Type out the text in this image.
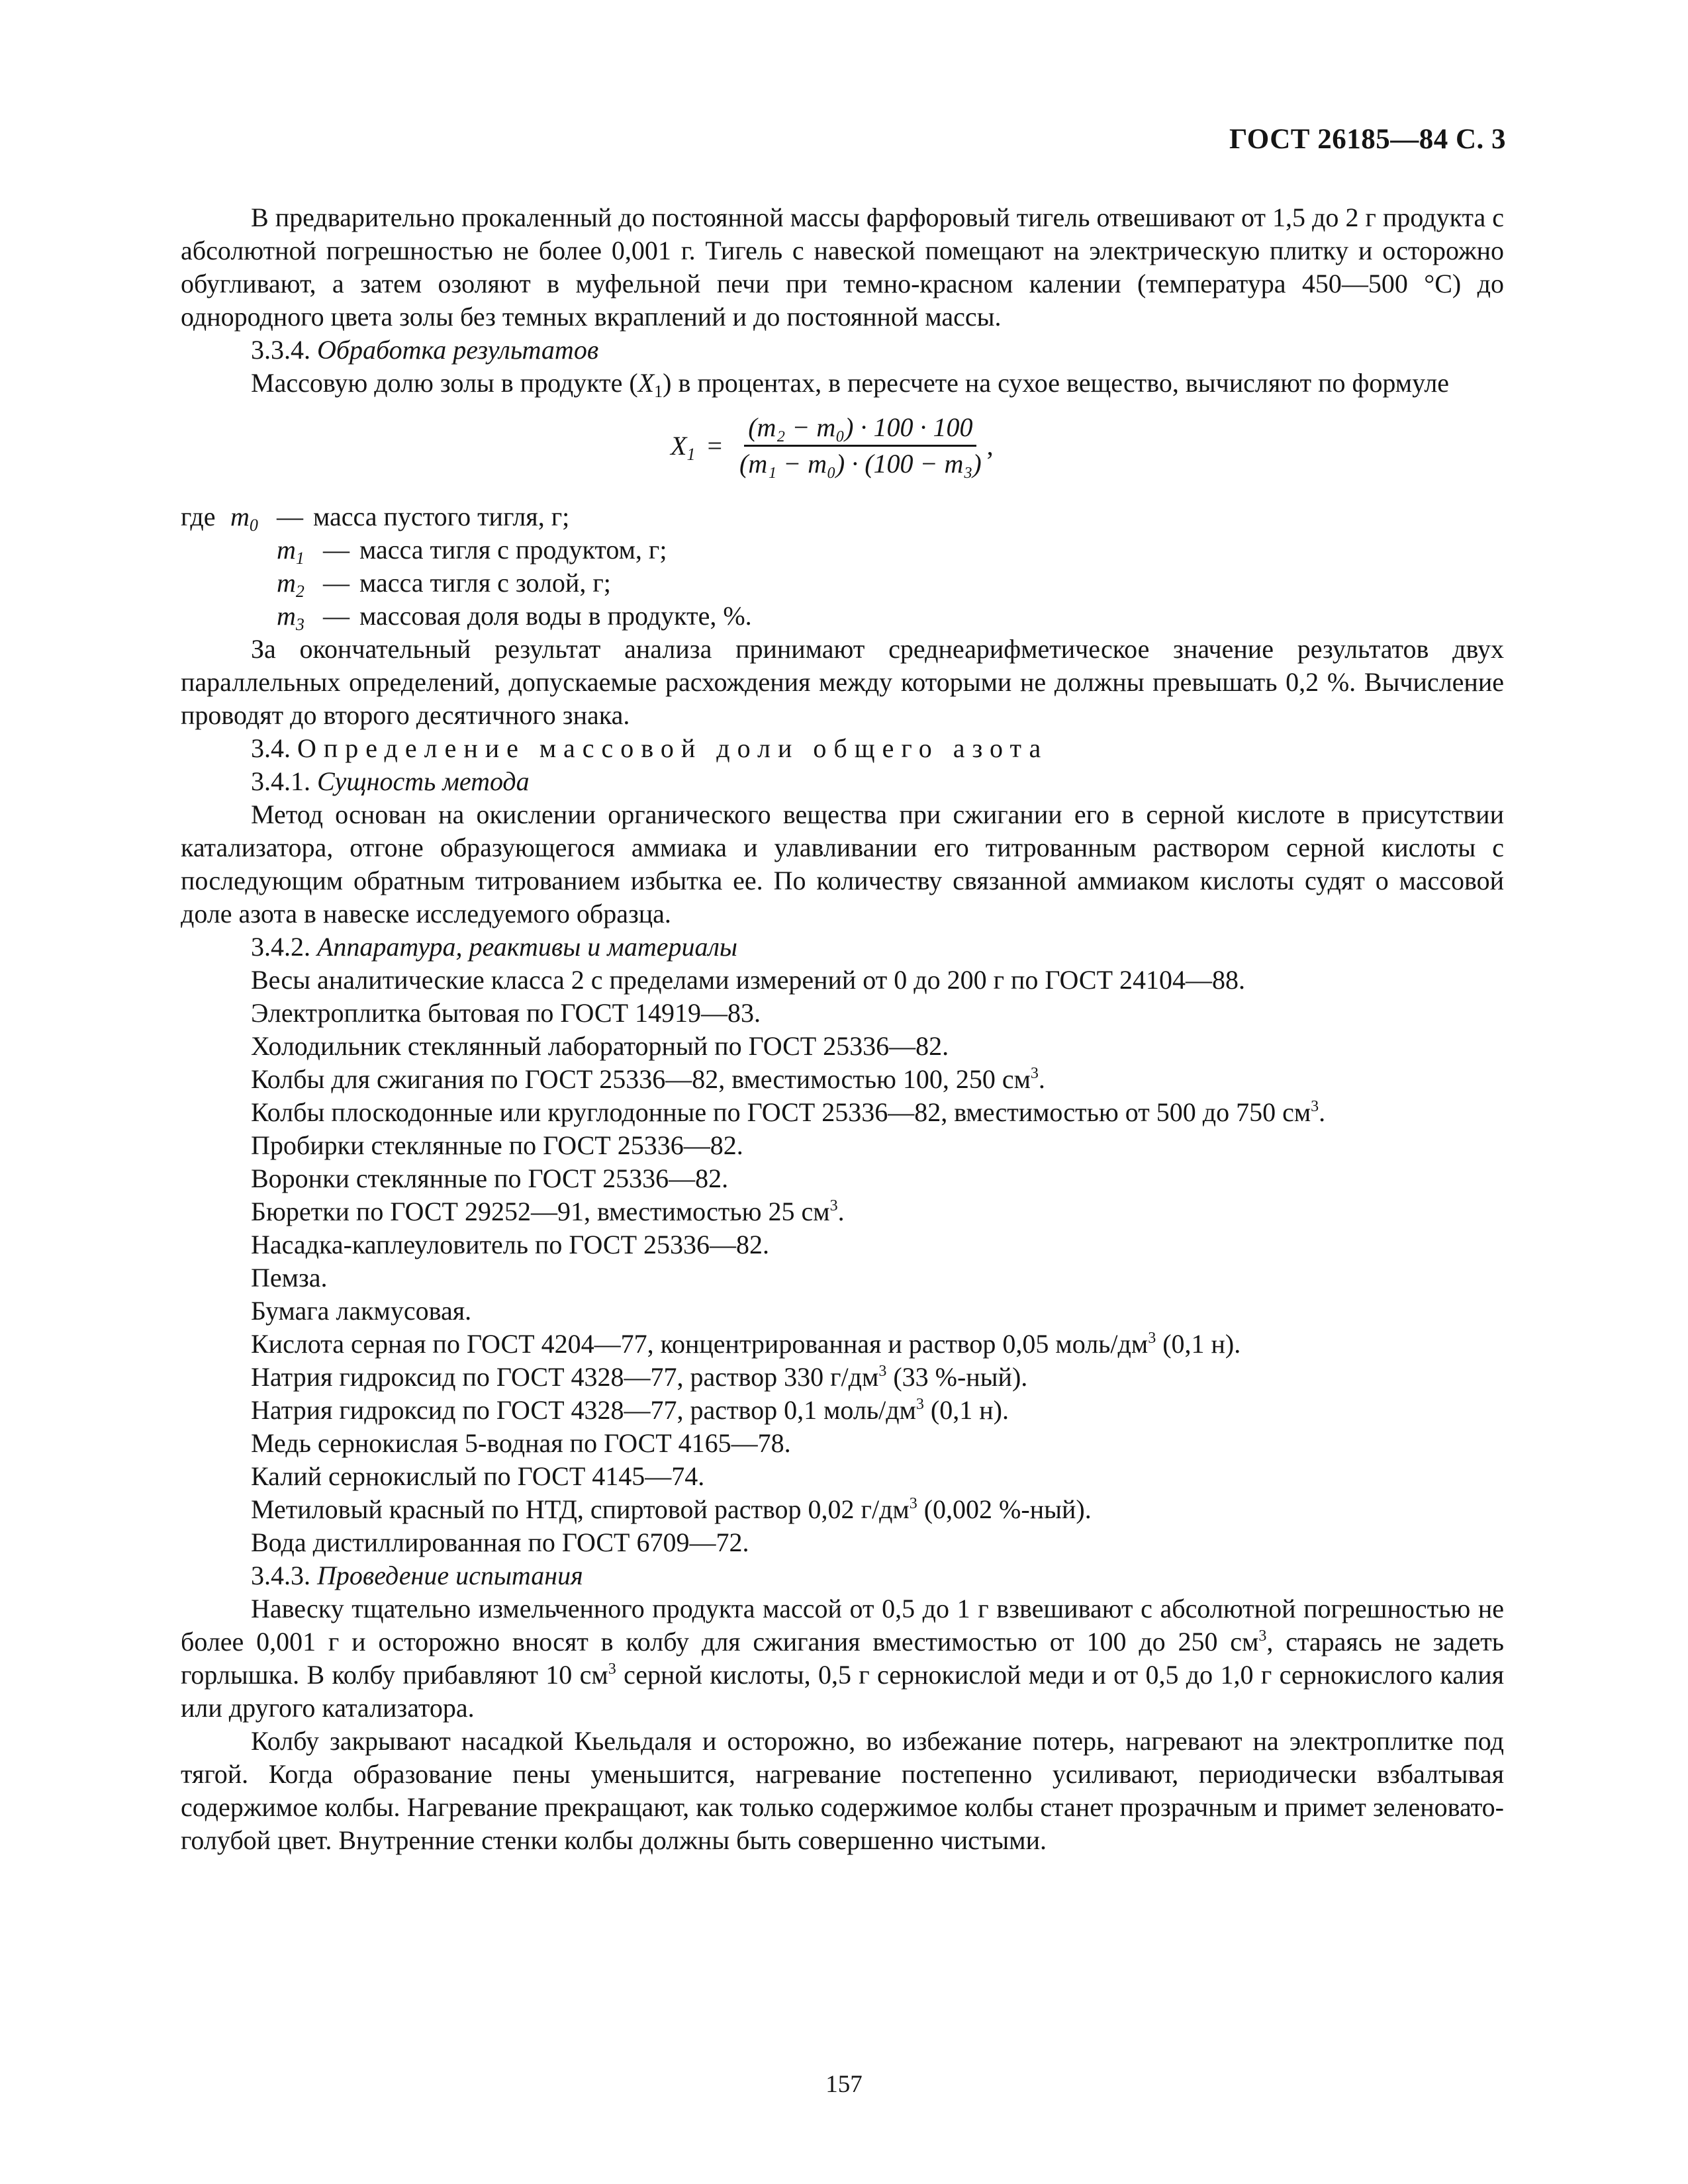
ГОСТ 26185—84 С. 3

В предварительно прокаленный до постоянной массы фарфоровый тигель отвешивают от 1,5 до 2 г продукта с абсолютной погрешностью не более 0,001 г. Тигель с навеской помещают на электрическую плитку и осторожно обугливают, а затем озоляют в муфельной печи при темно-красном калении (температура 450—500 °С) до однородного цвета золы без темных вкраплений и до постоянной массы.

3.3.4. Обработка результатов

Массовую долю золы в продукте $(X_1)$ в процентах, в пересчете на сухое вещество, вычисляют по формуле

$X_1 = \frac{\text{(m₂ − m₀) · 100 · 100}}{\text{(m₁ − m₀) · (100 − m₃)}}$ ,
где $m_0$ — масса пустого тигля, г;
$m_1$ — масса тигля с продуктом, г;
$m_2$ — масса тигля с золой, г;
$m_3$ — массовая доля воды в продукте, %.

За окончательный результат анализа принимают среднеарифметическое значение результатов двух параллельных определений, допускаемые расхождения между которыми не должны превышать 0,2 %. Вычисление проводят до второго десятичного знака.

3.4. Определение массовой доли общего азота

3.4.1. Сущность метода

Метод основан на окислении органического вещества при сжигании его в серной кислоте в присутствии катализатора, отгоне образующегося аммиака и улавливании его титрованным раствором серной кислоты с последующим обратным титрованием избытка ее. По количеству связанной аммиаком кислоты судят о массовой доле азота в навеске исследуемого образца.

3.4.2. Аппаратура, реактивы и материалы

Весы аналитические класса 2 с пределами измерений от 0 до 200 г по ГОСТ 24104—88.

Электроплитка бытовая по ГОСТ 14919—83.

Холодильник стеклянный лабораторный по ГОСТ 25336—82.

Колбы для сжигания по ГОСТ 25336—82, вместимостью 100, 250 $см^3$.

Колбы плоскодонные или круглодонные по ГОСТ 25336—82, вместимостью от 500 до 750 $см^3$.

Пробирки стеклянные по ГОСТ 25336—82.

Воронки стеклянные по ГОСТ 25336—82.

Бюретки по ГОСТ 29252—91, вместимостью 25 $см^3$.

Насадка-каплеуловитель по ГОСТ 25336—82.

Пемза.

Бумага лакмусовая.

Кислота серная по ГОСТ 4204—77, концентрированная и раствор 0,05 моль/$дм^3$ (0,1 н).

Натрия гидроксид по ГОСТ 4328—77, раствор 330 $г/дм^3$ (33 %-ный).

Натрия гидроксид по ГОСТ 4328—77, раствор 0,1 моль/$дм^3$ (0,1 н).

Медь сернокислая 5-водная по ГОСТ 4165—78.

Калий сернокислый по ГОСТ 4145—74.

Метиловый красный по НТД, спиртовой раствор 0,02 $г/дм^3$ (0,002 %-ный).

Вода дистиллированная по ГОСТ 6709—72.

3.4.3. Проведение испытания

Навеску тщательно измельченного продукта массой от 0,5 до 1 г взвешивают с абсолютной погрешностью не более 0,001 г и осторожно вносят в колбу для сжигания вместимостью от 100 до 250 $см^3$, стараясь не задеть горлышка. В колбу прибавляют 10 $см^3$ серной кислоты, 0,5 г сернокислой меди и от 0,5 до 1,0 г сернокислого калия или другого катализатора.

Колбу закрывают насадкой Кьельдаля и осторожно, во избежание потерь, нагревают на электроплитке под тягой. Когда образование пены уменьшится, нагревание постепенно усиливают, периодически взбалтывая содержимое колбы. Нагревание прекращают, как только содержимое колбы станет прозрачным и примет зеленовато-голубой цвет. Внутренние стенки колбы должны быть совершенно чистыми.

157
